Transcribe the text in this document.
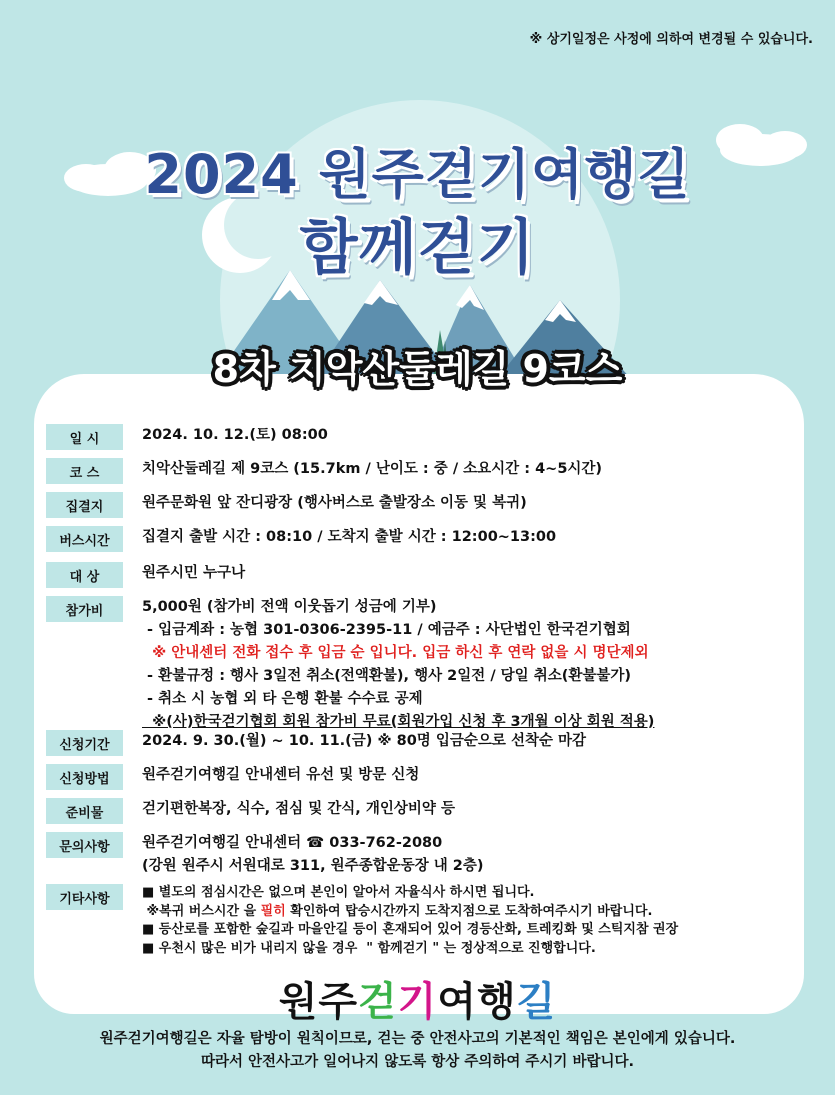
※ 상기일정은 사정에 의하여 변경될 수 있습니다.
2024 원주걷기여행길
함께걷기
8차 치악산둘레길 9코스
일 시	2024. 10. 12.(토) 08:00
코 스	치악산둘레길 제 9코스 (15.7km / 난이도 : 중 / 소요시간 : 4~5시간)
집결지	원주문화원 앞 잔디광장 (행사버스로 출발장소 이동 및 복귀)
버스시간	집결지 출발 시간 : 08:10 / 도착지 출발 시간 : 12:00~13:00
대 상	원주시민 누구나
참가비	5,000원 (참가비 전액 이웃돕기 성금에 기부)
- 입금계좌 : 농협 301-0306-2395-11 / 예금주 : 사단법인 한국걷기협회
※ 안내센터 전화 접수 후 입금 순 입니다. 입금 하신 후 연락 없을 시 명단제외
- 환불규정 : 행사 3일전 취소(전액환불), 행사 2일전 / 당일 취소(환불불가)
- 취소 시 농협 외 타 은행 환불 수수료 공제
※(사)한국걷기협회 회원 참가비 무료(회원가입 신청 후 3개월 이상 회원 적용)
신청기간	2024. 9. 30.(월) ~ 10. 11.(금) ※ 80명 입금순으로 선착순 마감
신청방법	원주걷기여행길 안내센터 유선 및 방문 신청
준비물	걷기편한복장, 식수, 점심 및 간식, 개인상비약 등
문의사항	원주걷기여행길 안내센터 ☎ 033-762-2080
(강원 원주시 서원대로 311, 원주종합운동장 내 2층)
기타사항	■ 별도의 점심시간은 없으며 본인이 알아서 자율식사 하시면 됩니다.
※복귀 버스시간 을 필히 확인하여 탑승시간까지 도착지점으로 도착하여주시기 바랍니다.
■ 등산로를 포함한 숲길과 마을안길 등이 혼재되어 있어 경등산화, 트레킹화 및 스틱지참 권장
■ 우천시 많은 비가 내리지 않을 경우  " 함께걷기 " 는 정상적으로 진행합니다.
원주걷기여행길
원주걷기여행길은 자율 탐방이 원칙이므로, 걷는 중 안전사고의 기본적인 책임은 본인에게 있습니다.
따라서 안전사고가 일어나지 않도록 항상 주의하여 주시기 바랍니다.
